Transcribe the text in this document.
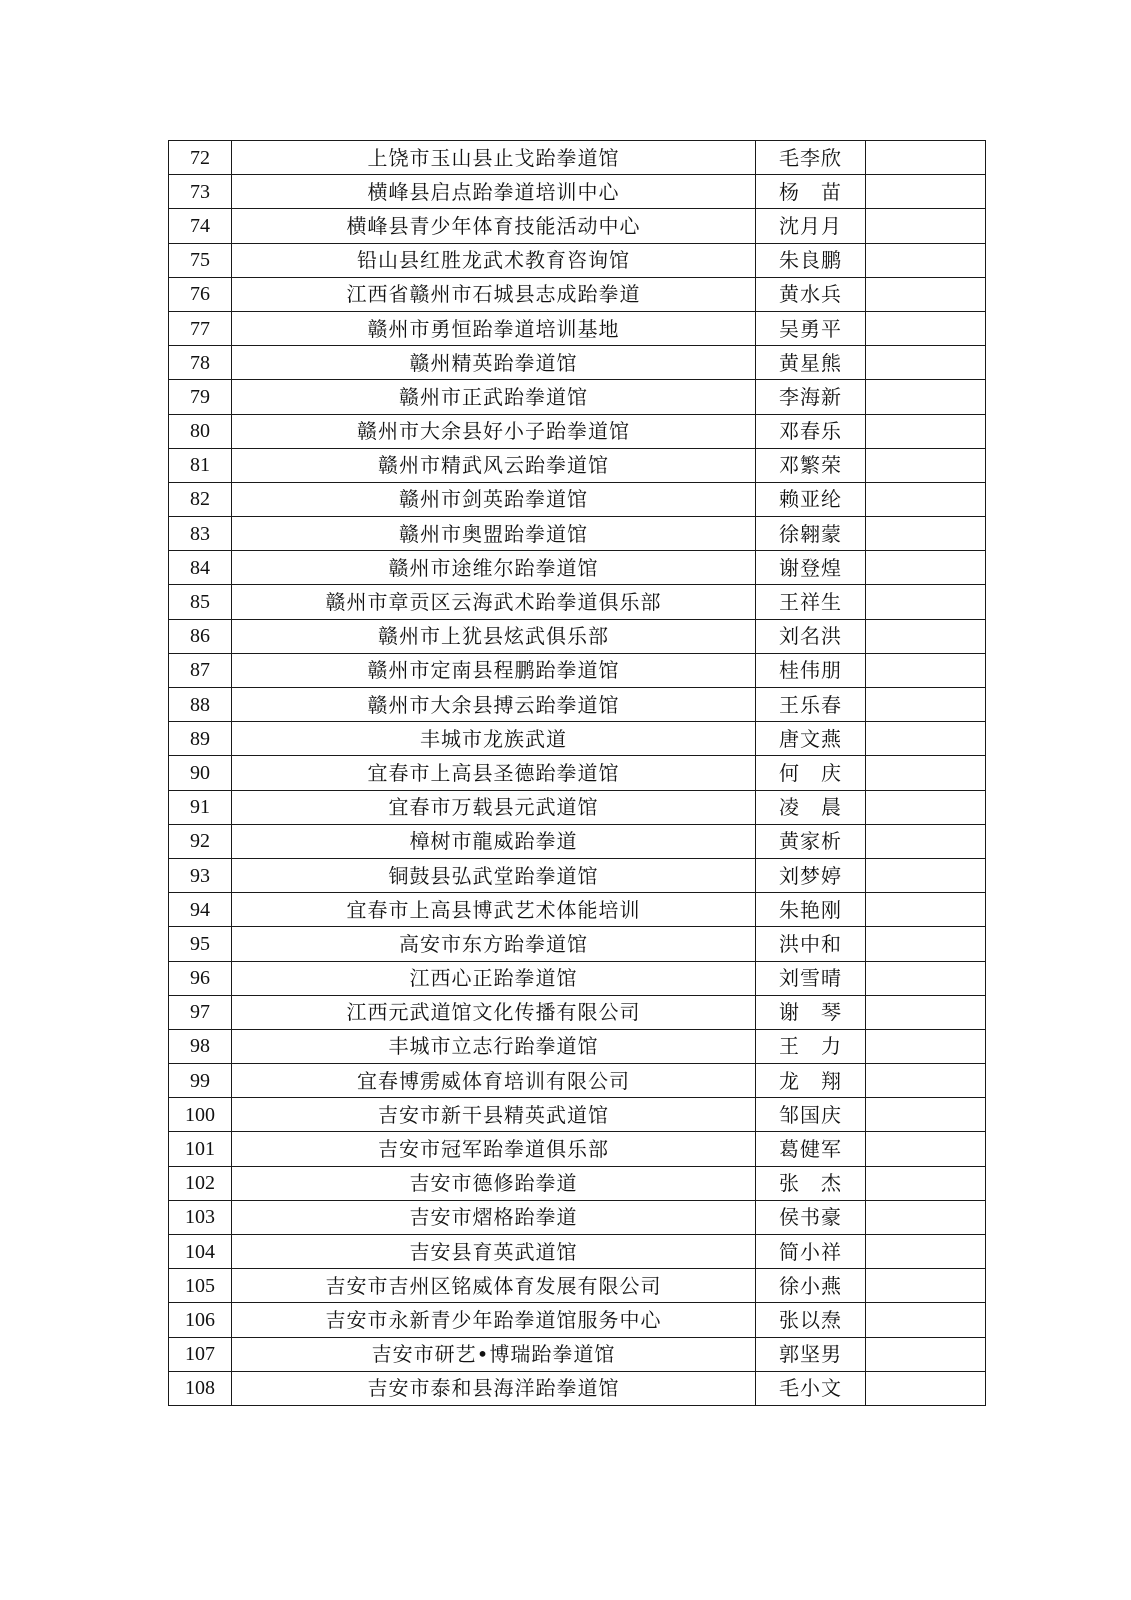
72	上饶市玉山县止戈跆拳道馆	毛李欣	
73	横峰县启点跆拳道培训中心	杨　苗	
74	横峰县青少年体育技能活动中心	沈月月	
75	铅山县红胜龙武术教育咨询馆	朱良鹏	
76	江西省赣州市石城县志成跆拳道	黄水兵	
77	赣州市勇恒跆拳道培训基地	吴勇平	
78	赣州精英跆拳道馆	黄星熊	
79	赣州市正武跆拳道馆	李海新	
80	赣州市大余县好小子跆拳道馆	邓春乐	
81	赣州市精武风云跆拳道馆	邓繁荣	
82	赣州市剑英跆拳道馆	赖亚纶	
83	赣州市奥盟跆拳道馆	徐翱蒙	
84	赣州市途维尔跆拳道馆	谢登煌	
85	赣州市章贡区云海武术跆拳道俱乐部	王祥生	
86	赣州市上犹县炫武俱乐部	刘名洪	
87	赣州市定南县程鹏跆拳道馆	桂伟朋	
88	赣州市大余县搏云跆拳道馆	王乐春	
89	丰城市龙族武道	唐文燕	
90	宜春市上高县圣德跆拳道馆	何　庆	
91	宜春市万载县元武道馆	凌　晨	
92	樟树市龍威跆拳道	黄家析	
93	铜鼓县弘武堂跆拳道馆	刘梦婷	
94	宜春市上高县博武艺术体能培训	朱艳刚	
95	高安市东方跆拳道馆	洪中和	
96	江西心正跆拳道馆	刘雪晴	
97	江西元武道馆文化传播有限公司	谢　琴	
98	丰城市立志行跆拳道馆	王　力	
99	宜春博雳威体育培训有限公司	龙　翔	
100	吉安市新干县精英武道馆	邹国庆	
101	吉安市冠军跆拳道俱乐部	葛健军	
102	吉安市德修跆拳道	张　杰	
103	吉安市熠格跆拳道	侯书豪	
104	吉安县育英武道馆	简小祥	
105	吉安市吉州区铭威体育发展有限公司	徐小燕	
106	吉安市永新青少年跆拳道馆服务中心	张以焘	
107	吉安市研艺•博瑞跆拳道馆	郭坚男	
108	吉安市泰和县海洋跆拳道馆	毛小文	
